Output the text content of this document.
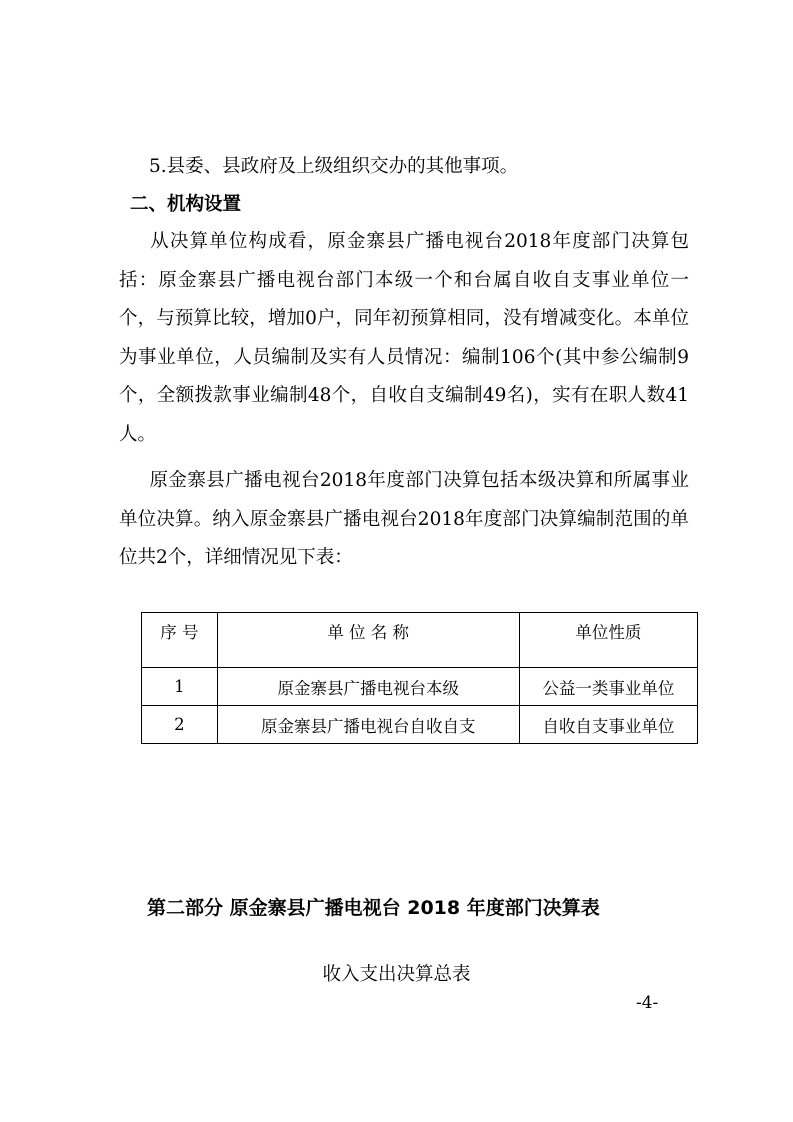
5.县委、县政府及上级组织交办的其他事项。
二、机构设置
从决算单位构成看，原金寨县广播电视台2018年度部门决算包括：原金寨县广播电视台部门本级一个和台属自收自支事业单位一个，与预算比较，增加0户，同年初预算相同，没有增减变化。本单位为事业单位，人员编制及实有人员情况：编制106个(其中参公编制9个，全额拨款事业编制48个，自收自支编制49名)，实有在职人数41人。
原金寨县广播电视台2018年度部门决算包括本级决算和所属事业单位决算。纳入原金寨县广播电视台2018年度部门决算编制范围的单位共2个，详细情况见下表：
序 号	单 位 名 称	单位性质
1	原金寨县广播电视台本级	公益一类事业单位
2	原金寨县广播电视台自收自支	自收自支事业单位
第二部分 原金寨县广播电视台 2018 年度部门决算表
收入支出决算总表
-4-
